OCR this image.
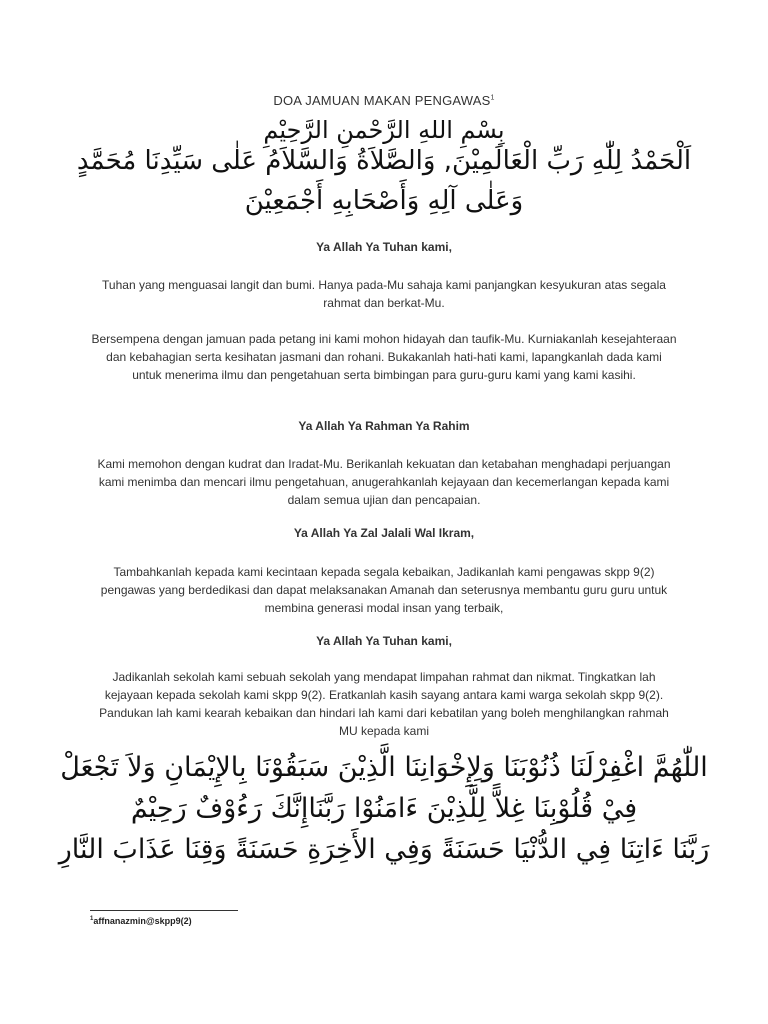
DOA JAMUAN MAKAN PENGAWAS$^1$
بِسْمِ اللهِ الرَّحْمنِ الرَّحِيْمِ
اَلْحَمْدُ لِلّٰهِ رَبِّ الْعَالَمِيْنَ, وَالصَّلاَةُ وَالسَّلاَمُ عَلٰى سَيِّدِنَا مُحَمَّدٍ
وَعَلٰى آلِهِ وَأَصْحَابِهِ أَجْمَعِيْنَ
Ya Allah Ya Tuhan kami,
Tuhan yang menguasai langit dan bumi. Hanya pada-Mu sahaja kami panjangkan kesyukuran atas segala rahmat dan berkat-Mu.
Bersempena dengan jamuan pada petang ini kami mohon hidayah dan taufik-Mu. Kurniakanlah kesejahteraan dan kebahagian serta kesihatan jasmani dan rohani. Bukakanlah hati-hati kami, lapangkanlah dada kami untuk menerima ilmu dan pengetahuan serta bimbingan para guru-guru kami yang kami kasihi.
Ya Allah Ya Rahman Ya Rahim
Kami memohon dengan kudrat dan Iradat-Mu. Berikanlah kekuatan dan ketabahan menghadapi perjuangan kami menimba dan mencari ilmu pengetahuan, anugerahkanlah kejayaan dan kecemerlangan kepada kami dalam semua ujian dan pencapaian.
Ya Allah Ya Zal Jalali Wal Ikram,
Tambahkanlah kepada kami kecintaan kepada segala kebaikan, Jadikanlah kami pengawas skpp 9(2) pengawas yang berdedikasi dan dapat melaksanakan Amanah dan seterusnya membantu guru guru untuk membina generasi modal insan yang terbaik,
Ya Allah Ya Tuhan kami,
Jadikanlah sekolah kami sebuah sekolah yang mendapat limpahan rahmat dan nikmat. Tingkatkan lah kejayaan kepada sekolah kami skpp 9(2). Eratkanlah kasih sayang antara kami warga sekolah skpp 9(2). Pandukan lah kami kearah kebaikan dan hindari lah kami dari kebatilan yang boleh menghilangkan rahmah MU kepada kami
اللّٰهُمَّ اغْفِرْلَنَا ذُنُوْبَنَا وَلِإِخْوَانِنَا الَّذِيْنَ سَبَقُوْنَا بِالإِيْمَانِ وَلاَ تَجْعَلْ
فِيْ قُلُوْبِنَا غِلاًّ لِلَّذِيْنَ ءَامَنُوْا رَبَّنَاإِنَّكَ رَءُوْفٌ رَحِيْمٌ
رَبَّنَا ءَاتِنَا فِي الدُّنْيَا حَسَنَةً وَفِي الأَخِرَةِ حَسَنَةً وَقِنَا عَذَابَ النَّارِ
$^1$affnanazmin@skpp9(2)
